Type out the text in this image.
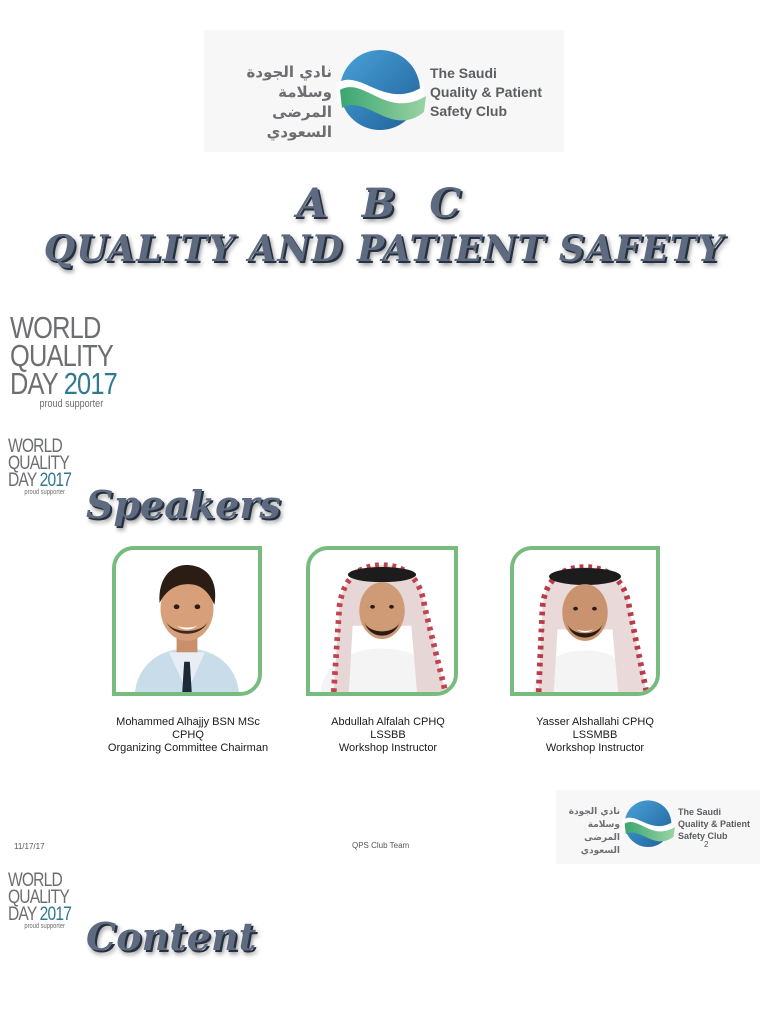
نادي الجودة
وسلامة المرضى
السعودي
The Saudi
Quality & Patient
Safety Club
A B C
QUALITY AND PATIENT SAFETY
WORLD
QUALITY
DAY 2017
proud supporter
WORLD
QUALITY
DAY 2017
proud supporter Speakers
Mohammed Alhajjy BSN MSc
CPHQ
Organizing Committee Chairman
Abdullah Alfalah CPHQ
LSSBB
Workshop Instructor
Yasser Alshallahi CPHQ
LSSMBB
Workshop Instructor
نادي الجودة
وسلامة المرضى
السعودي
The Saudi
Quality & Patient
Safety Club
11/17/17	QPS Club Team	2
WORLD
QUALITY
DAY 2017
proud supporter Content
